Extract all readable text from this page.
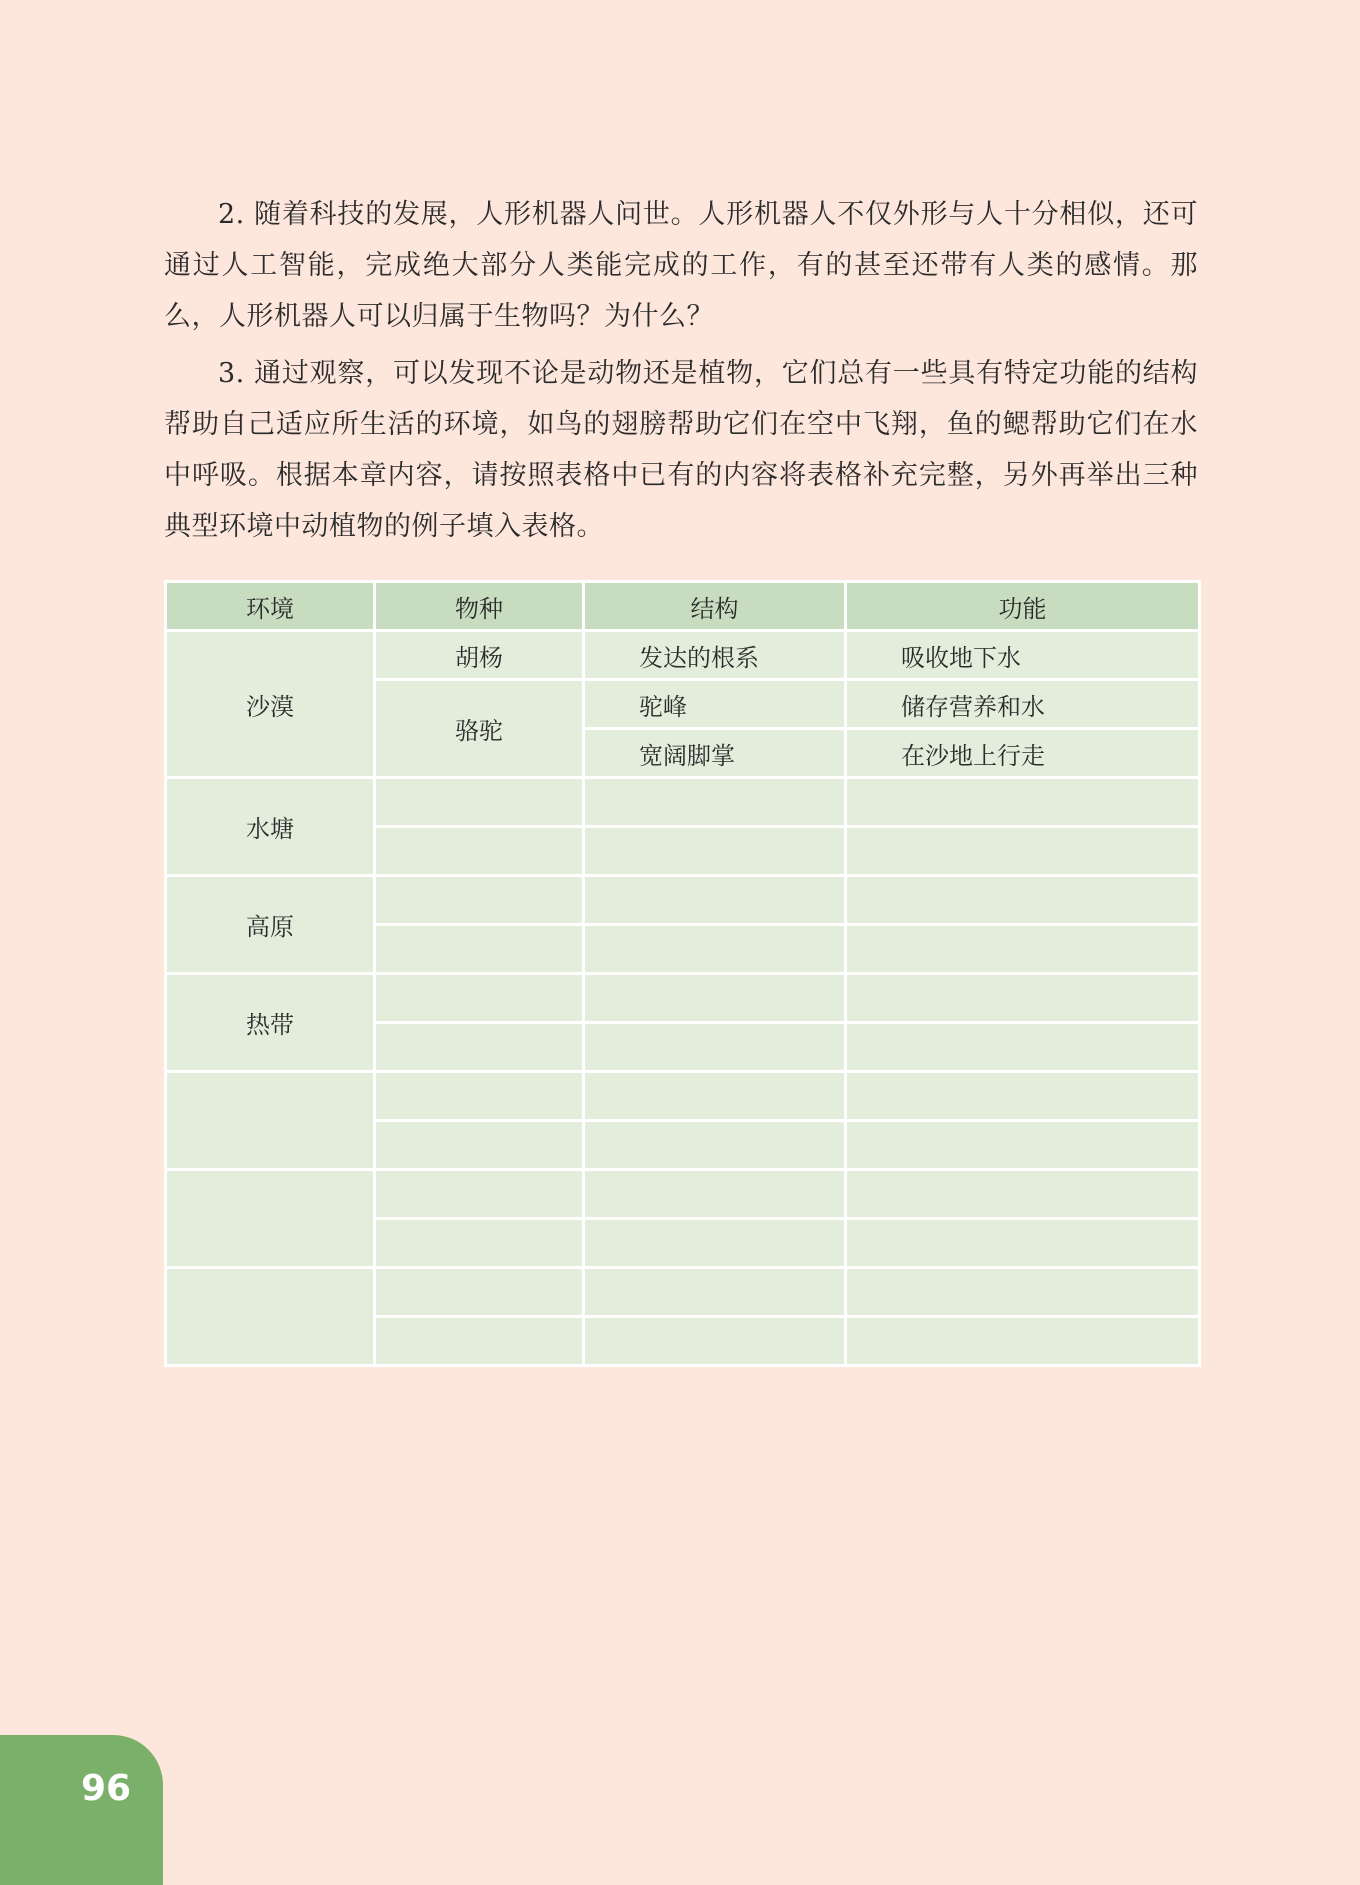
2. 随着科技的发展，人形机器人问世。人形机器人不仅外形与人十分相似，还可通过人工智能，完成绝大部分人类能完成的工作，有的甚至还带有人类的感情。那么，人形机器人可以归属于生物吗？为什么？

3. 通过观察，可以发现不论是动物还是植物，它们总有一些具有特定功能的结构帮助自己适应所生活的环境，如鸟的翅膀帮助它们在空中飞翔，鱼的鳃帮助它们在水中呼吸。根据本章内容，请按照表格中已有的内容将表格补充完整，另外再举出三种典型环境中动植物的例子填入表格。

环境	物种	结构	功能
沙漠	胡杨	发达的根系	吸收地下水
	骆驼	驼峰	储存营养和水
		宽阔脚掌	在沙地上行走
水塘			

高原			

热带			

96
